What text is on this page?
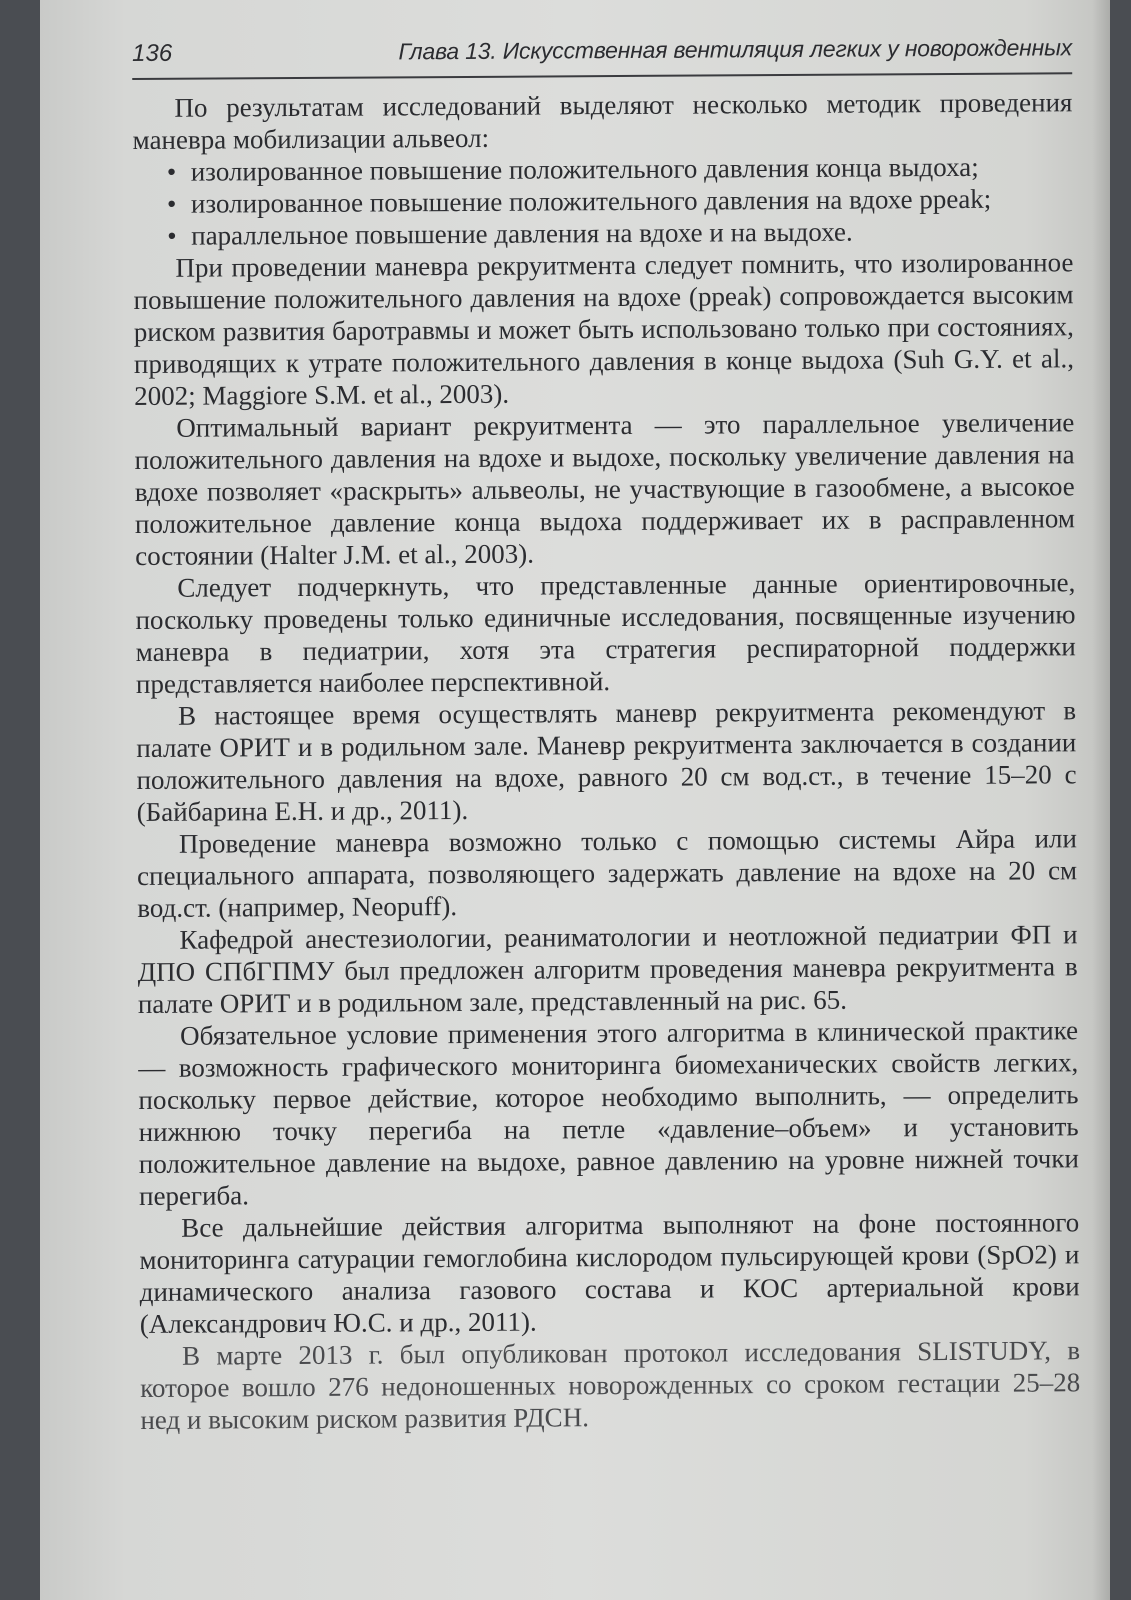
136	Глава 13. Искусственная вентиляция легких у новорожденных

По результатам исследований выделяют несколько методик проведения маневра мобилизации альвеол:

• изолированное повышение положительного давления конца выдоха;
• изолированное повышение положительного давления на вдохе ppeak;
• параллельное повышение давления на вдохе и на выдохе.

При проведении маневра рекруитмента следует помнить, что изолированное повышение положительного давления на вдохе (ppeak) сопровождается высоким риском развития баротравмы и может быть использовано только при состояниях, приводящих к утрате положительного давления в конце выдоха (Suh G.Y. et al., 2002; Maggiore S.M. et al., 2003).

Оптимальный вариант рекруитмента — это параллельное увеличение положительного давления на вдохе и выдохе, поскольку увеличение давления на вдохе позволяет «раскрыть» альвеолы, не участвующие в газообмене, а высокое положительное давление конца выдоха поддерживает их в расправленном состоянии (Halter J.M. et al., 2003).

Следует подчеркнуть, что представленные данные ориентировочные, поскольку проведены только единичные исследования, посвященные изучению маневра в педиатрии, хотя эта стратегия респираторной поддержки представляется наиболее перспективной.

В настоящее время осуществлять маневр рекруитмента рекомендуют в палате ОРИТ и в родильном зале. Маневр рекруитмента заключается в создании положительного давления на вдохе, равного 20 см вод.ст., в течение 15–20 с (Байбарина Е.Н. и др., 2011).

Проведение маневра возможно только с помощью системы Айра или специального аппарата, позволяющего задержать давление на вдохе на 20 см вод.ст. (например, Neopuff).

Кафедрой анестезиологии, реаниматологии и неотложной педиатрии ФП и ДПО СПбГПМУ был предложен алгоритм проведения маневра рекруитмента в палате ОРИТ и в родильном зале, представленный на рис. 65.

Обязательное условие применения этого алгоритма в клинической практике — возможность графического мониторинга биомеханических свойств легких, поскольку первое действие, которое необходимо выполнить, — определить нижнюю точку перегиба на петле «давление–объем» и установить положительное давление на выдохе, равное давлению на уровне нижней точки перегиба.

Все дальнейшие действия алгоритма выполняют на фоне постоянного мониторинга сатурации гемоглобина кислородом пульсирующей крови (SpO2) и динамического анализа газового состава и КОС артериальной крови (Александрович Ю.С. и др., 2011).

В марте 2013 г. был опубликован протокол исследования SLISTUDY, в которое вошло 276 недоношенных новорожденных со сроком гестации 25–28 нед и высоким риском развития РДСН.
